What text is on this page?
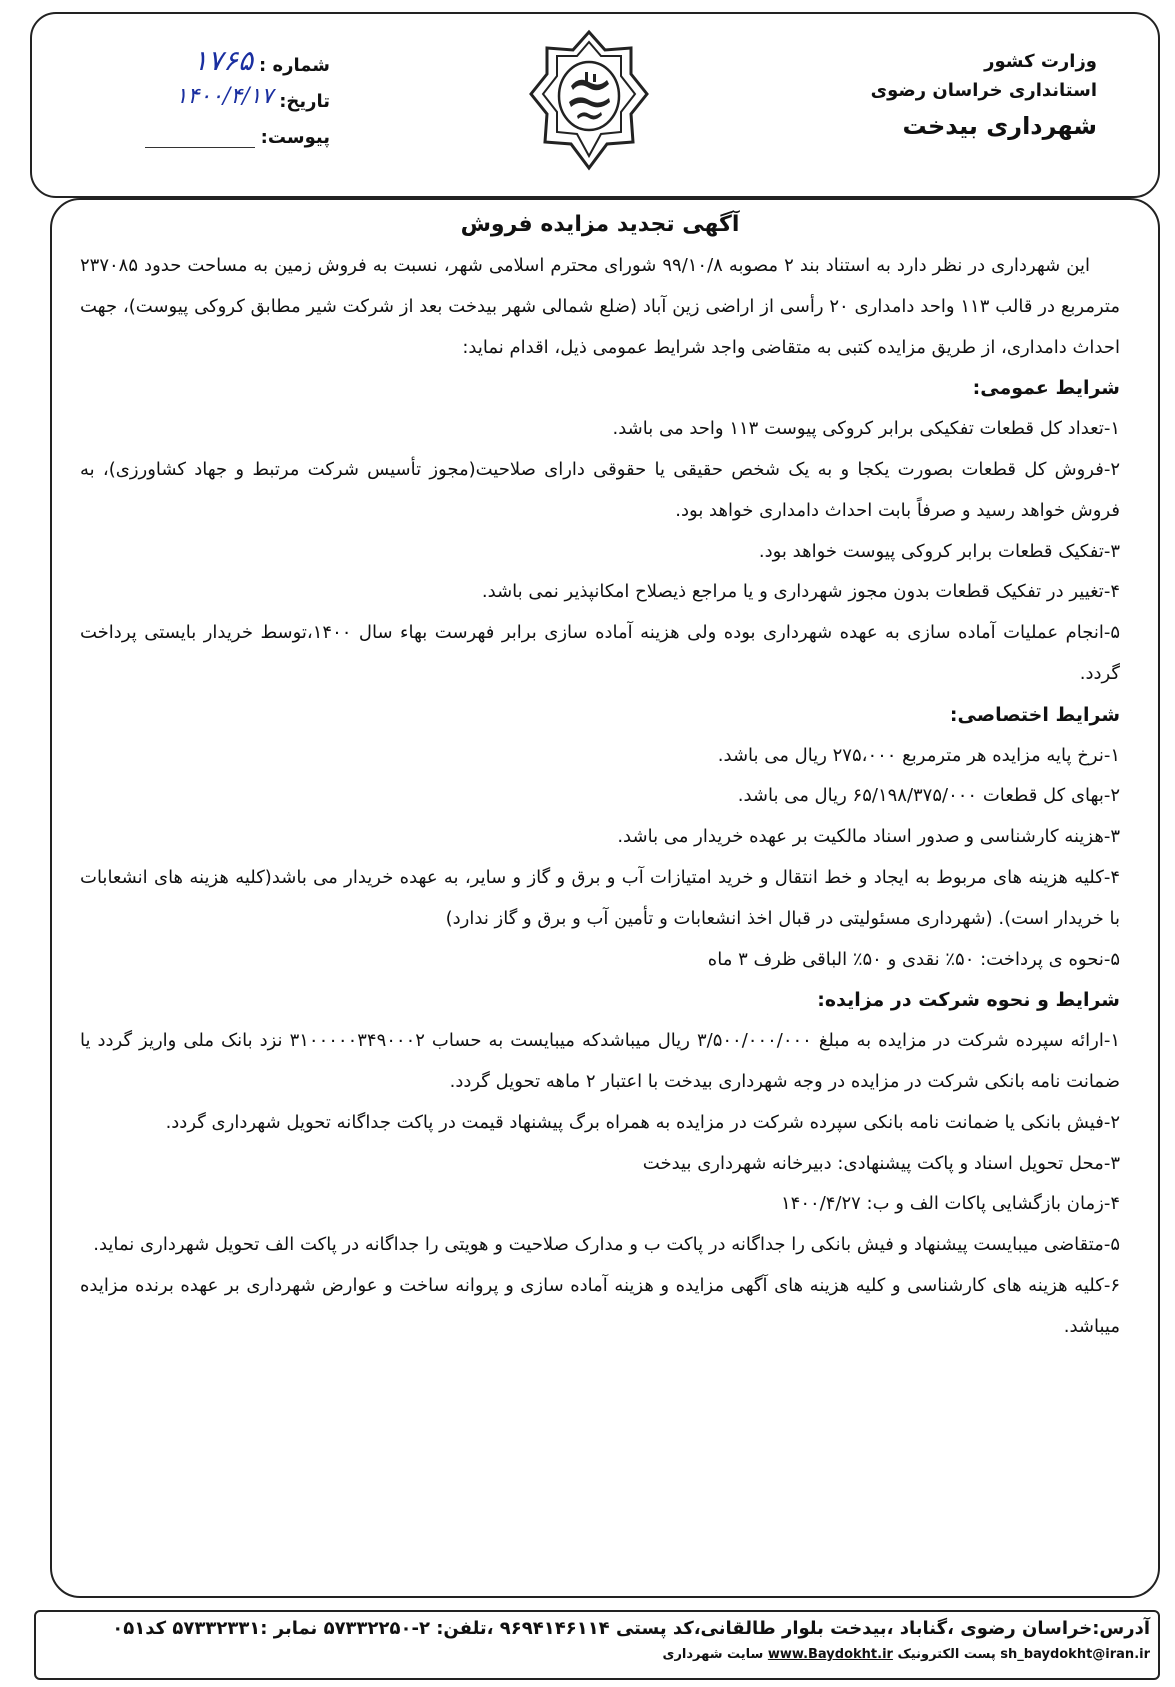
وزارت کشور
استانداری خراسان رضوی
شهرداری بیدخت
شماره :
۱۷۶۵
تاریخ:
۱۴۰۰/۴/۱۷
پیوست:
آگهی تجدید مزایده فروش

این شهرداری در نظر دارد به استناد بند ۲ مصوبه ۹۹/۱۰/۸ شورای محترم اسلامی شهر، نسبت به فروش زمین به مساحت حدود ۲۳۷۰۸۵ مترمربع در قالب ۱۱۳ واحد دامداری ۲۰ رأسی از اراضی زین آباد (ضلع شمالی شهر بیدخت بعد از شرکت شیر مطابق کروکی پیوست)، جهت احداث دامداری، از طریق مزایده کتبی به متقاضی واجد شرایط عمومی ذیل، اقدام نماید:

شرایط عمومی:

۱-تعداد کل قطعات تفکیکی برابر کروکی پیوست ۱۱۳ واحد می باشد.

۲-فروش کل قطعات بصورت یکجا و به یک شخص حقیقی یا حقوقی دارای صلاحیت(مجوز تأسیس شرکت مرتبط و جهاد کشاورزی)، به فروش خواهد رسید و صرفاً بابت احداث دامداری خواهد بود.

۳-تفکیک قطعات برابر کروکی پیوست خواهد بود.

۴-تغییر در تفکیک قطعات بدون مجوز شهرداری و یا مراجع ذیصلاح امکانپذیر نمی باشد.

۵-انجام عملیات آماده سازی به عهده شهرداری بوده ولی هزینه آماده سازی برابر فهرست بهاء سال ۱۴۰۰،توسط خریدار بایستی پرداخت گردد.

شرایط اختصاصی:

۱-نرخ پایه مزایده هر مترمربع ۲۷۵،۰۰۰ ریال می باشد.

۲-بهای کل قطعات ۶۵/۱۹۸/۳۷۵/۰۰۰ ریال می باشد.

۳-هزینه کارشناسی و صدور اسناد مالکیت بر عهده خریدار می باشد.

۴-کلیه هزینه های مربوط به ایجاد و خط انتقال و خرید امتیازات آب و برق و گاز و سایر، به عهده خریدار می باشد(کلیه هزینه های انشعابات با خریدار است). (شهرداری مسئولیتی در قبال اخذ انشعابات و تأمین آب و برق و گاز ندارد)

۵-نحوه ی پرداخت: ۵۰٪ نقدی و ۵۰٪ الباقی ظرف ۳ ماه

شرایط و نحوه شرکت در مزایده:

۱-ارائه سپرده شرکت در مزایده به مبلغ ۳/۵۰۰/۰۰۰/۰۰۰ ریال میباشدکه میبایست به حساب ۳۱۰۰۰۰۰۳۴۹۰۰۰۲ نزد بانک ملی واریز گردد یا ضمانت نامه بانکی شرکت در مزایده در وجه شهرداری بیدخت با اعتبار ۲ ماهه تحویل گردد.

۲-فیش بانکی یا ضمانت نامه بانکی سپرده شرکت در مزایده به همراه برگ پیشنهاد قیمت در پاکت جداگانه تحویل شهرداری گردد.

۳-محل تحویل اسناد و پاکت پیشنهادی: دبیرخانه شهرداری بیدخت

۴-زمان بازگشایی پاکات الف و ب: ۱۴۰۰/۴/۲۷

۵-متقاضی میبایست پیشنهاد و فیش بانکی را جداگانه در پاکت ب و مدارک صلاحیت و هویتی را جداگانه در پاکت الف تحویل شهرداری نماید.

۶-کلیه هزینه های کارشناسی و کلیه هزینه های آگهی مزایده و هزینه آماده سازی و پروانه ساخت و عوارض شهرداری بر عهده برنده مزایده میباشد.

آدرس:خراسان رضوی ،گناباد ،بیدخت بلوار طالقانی،کد پستی ۹۶۹۴۱۴۶۱۱۴ ،تلفن: ۲-۵۷۳۳۲۲۵۰ نمابر :۵۷۳۳۲۳۳۱ کد۰۵۱
sh_baydokht@iran.ir پست الکترونیک www.Baydokht.ir سایت شهرداری
